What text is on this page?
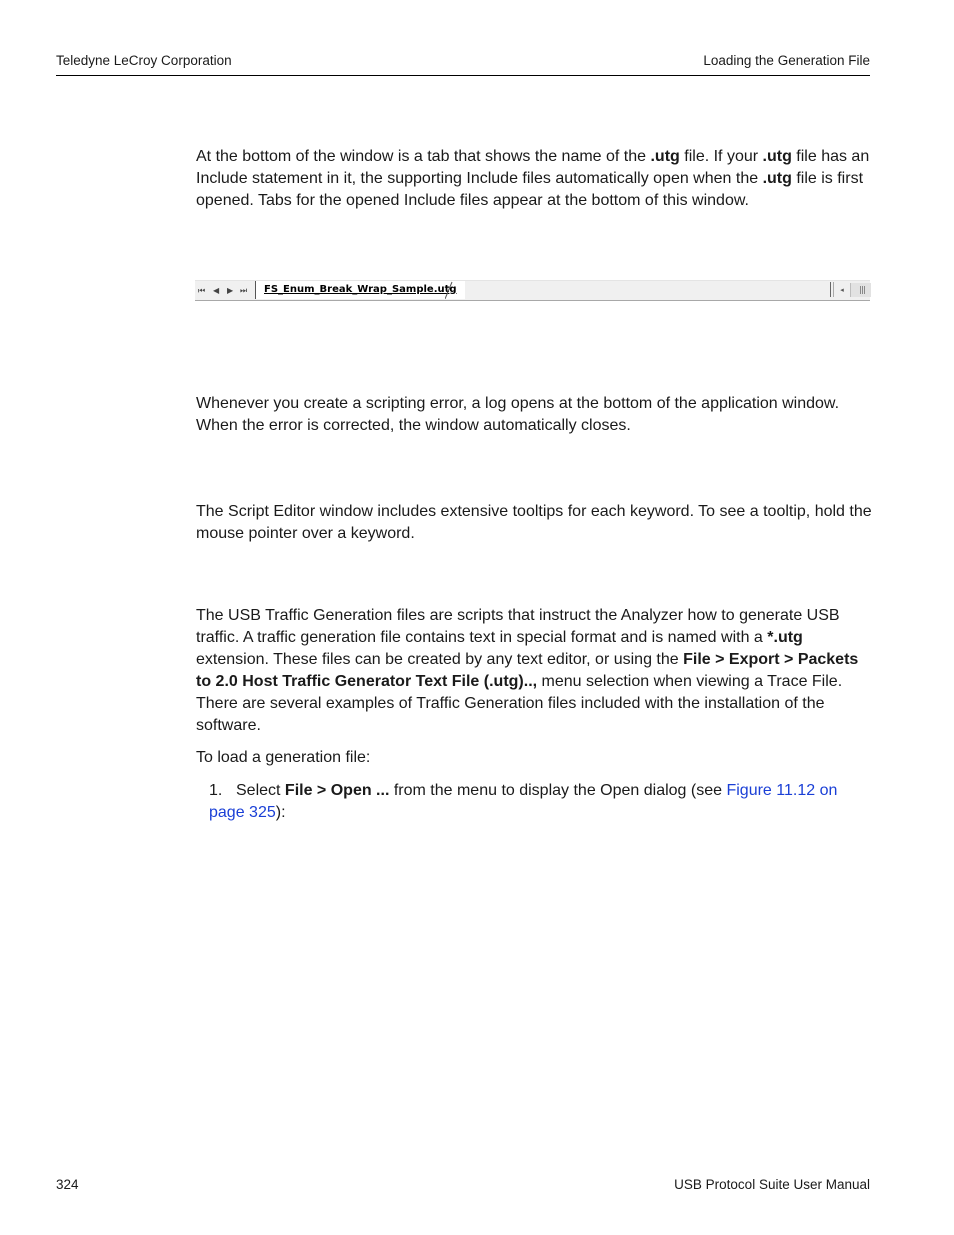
Teledyne LeCroy Corporation	Loading the Generation File
At the bottom of the window is a tab that shows the name of the .utg file. If your .utg file has an Include statement in it, the supporting Include files automatically open when the .utg file is first opened. Tabs for the opened Include files appear at the bottom of this window.
⏮ ◀ ▶ ⏭	FS_Enum_Break_Wrap_Sample.utg	◂
Whenever you create a scripting error, a log opens at the bottom of the application window. When the error is corrected, the window automatically closes.
The Script Editor window includes extensive tooltips for each keyword. To see a tooltip, hold the mouse pointer over a keyword.
The USB Traffic Generation files are scripts that instruct the Analyzer how to generate USB traffic. A traffic generation file contains text in special format and is named with a *.utg extension. These files can be created by any text editor, or using the File > Export > Packets to 2.0 Host Traffic Generator Text File (.utg).., menu selection when viewing a Trace File. There are several examples of Traffic Generation files included with the installation of the software.
To load a generation file:
1. Select File > Open ... from the menu to display the Open dialog (see Figure 11.12 on page 325):
324	USB Protocol Suite User Manual
